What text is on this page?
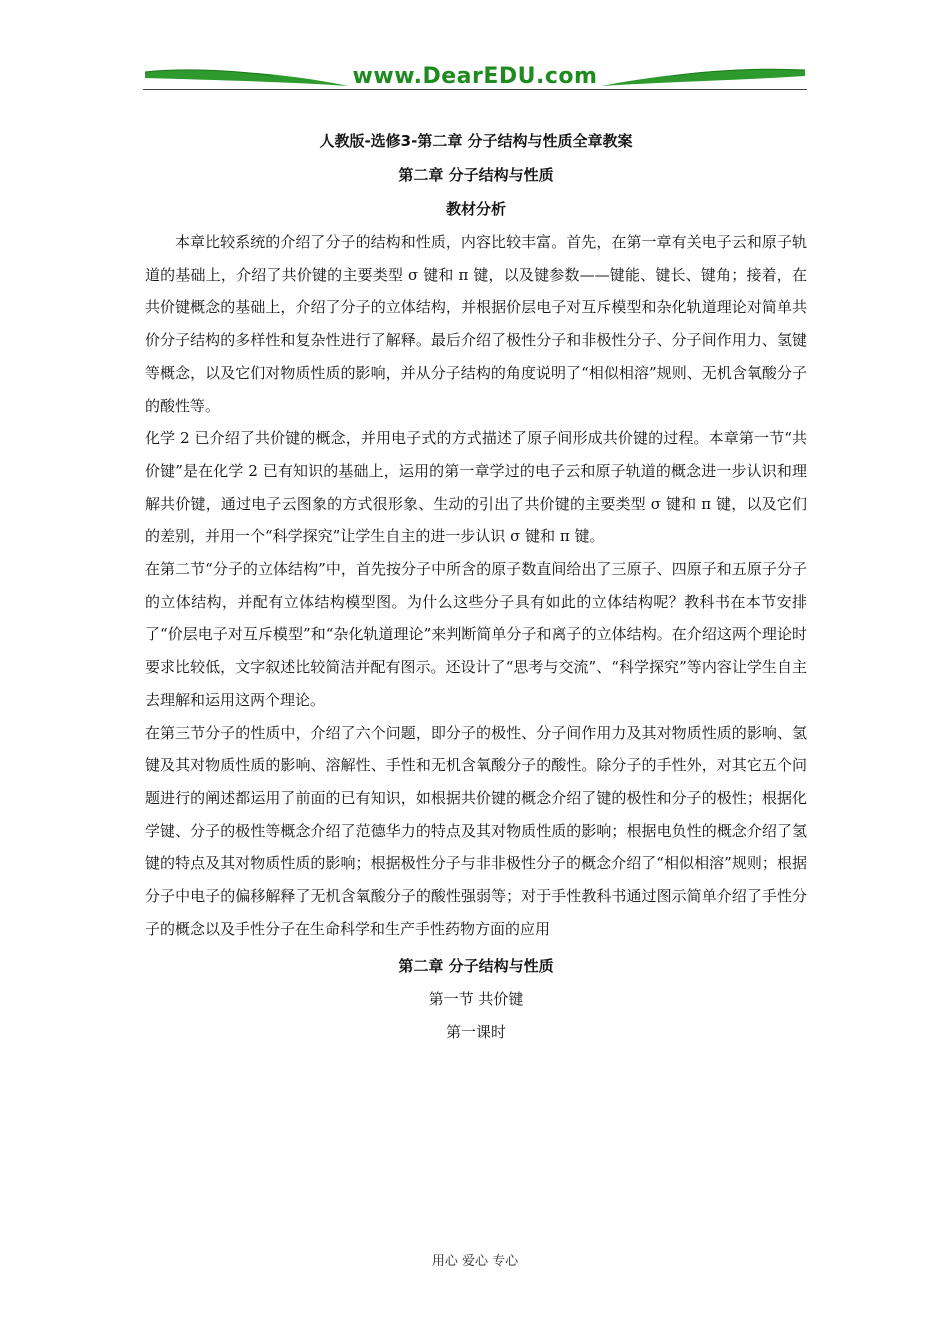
www.DearEDU.com
人教版-选修3-第二章 分子结构与性质全章教案
第二章 分子结构与性质
教材分析

本章比较系统的介绍了分子的结构和性质，内容比较丰富。首先，在第一章有关电子云和原子轨道的基础上，介绍了共价键的主要类型 σ 键和 π 键，以及键参数——键能、键长、键角；接着，在共价键概念的基础上，介绍了分子的立体结构，并根据价层电子对互斥模型和杂化轨道理论对简单共价分子结构的多样性和复杂性进行了解释。最后介绍了极性分子和非极性分子、分子间作用力、氢键等概念，以及它们对物质性质的影响，并从分子结构的角度说明了“相似相溶”规则、无机含氧酸分子的酸性等。

化学 2 已介绍了共价键的概念，并用电子式的方式描述了原子间形成共价键的过程。本章第一节“共价键”是在化学 2 已有知识的基础上，运用的第一章学过的电子云和原子轨道的概念进一步认识和理解共价键，通过电子云图象的方式很形象、生动的引出了共价键的主要类型 σ 键和 π 键，以及它们的差别，并用一个“科学探究”让学生自主的进一步认识 σ 键和 π 键。

在第二节“分子的立体结构”中，首先按分子中所含的原子数直间给出了三原子、四原子和五原子分子的立体结构，并配有立体结构模型图。为什么这些分子具有如此的立体结构呢？教科书在本节安排了“价层电子对互斥模型”和“杂化轨道理论”来判断简单分子和离子的立体结构。在介绍这两个理论时要求比较低，文字叙述比较简洁并配有图示。还设计了“思考与交流”、“科学探究”等内容让学生自主去理解和运用这两个理论。

在第三节分子的性质中，介绍了六个问题，即分子的极性、分子间作用力及其对物质性质的影响、氢键及其对物质性质的影响、溶解性、手性和无机含氧酸分子的酸性。除分子的手性外，对其它五个问题进行的阐述都运用了前面的已有知识，如根据共价键的概念介绍了键的极性和分子的极性；根据化学键、分子的极性等概念介绍了范德华力的特点及其对物质性质的影响；根据电负性的概念介绍了氢键的特点及其对物质性质的影响；根据极性分子与非非极性分子的概念介绍了“相似相溶”规则；根据分子中电子的偏移解释了无机含氧酸分子的酸性强弱等；对于手性教科书通过图示简单介绍了手性分子的概念以及手性分子在生命科学和生产手性药物方面的应用

第二章 分子结构与性质
第一节 共价键
第一课时
用心 爱心 专心
